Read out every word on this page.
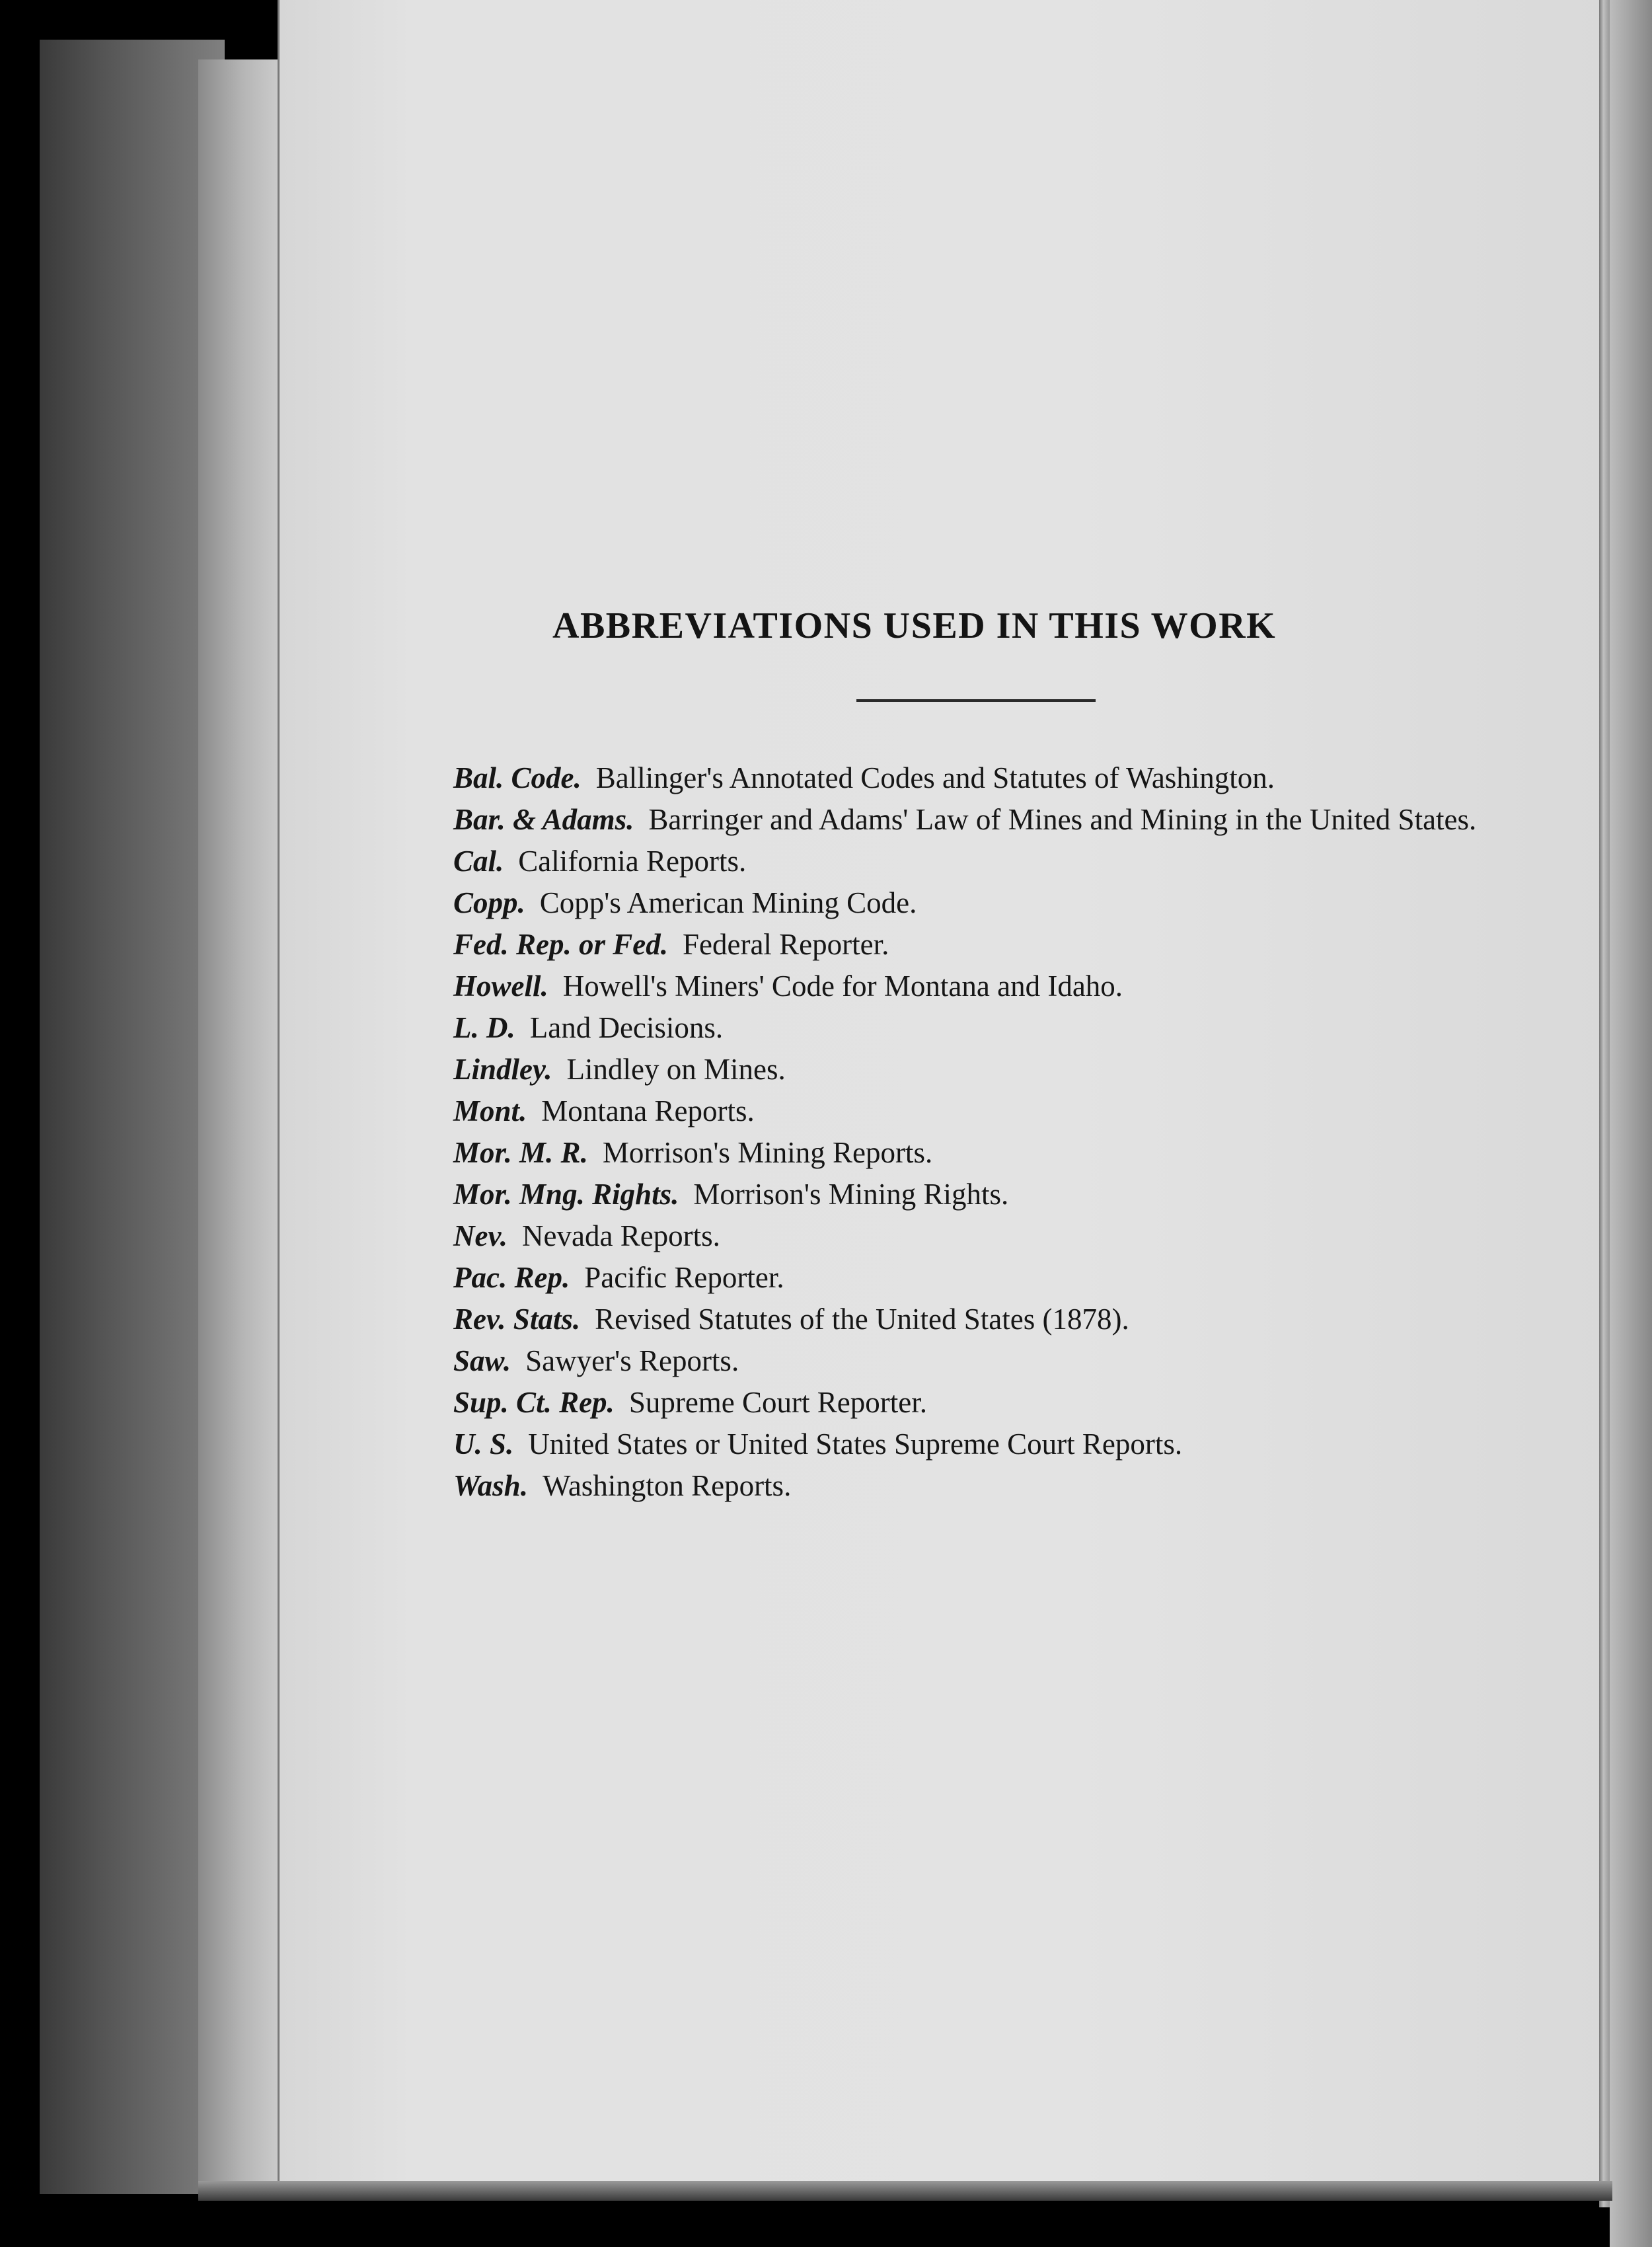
ABBREVIATIONS USED IN THIS WORK
Bal. Code. Ballinger's Annotated Codes and Statutes of Washington.
Bar. & Adams. Barringer and Adams' Law of Mines and Mining in the United States.
Cal. California Reports.
Copp. Copp's American Mining Code.
Fed. Rep. or Fed. Federal Reporter.
Howell. Howell's Miners' Code for Montana and Idaho.
L. D. Land Decisions.
Lindley. Lindley on Mines.
Mont. Montana Reports.
Mor. M. R. Morrison's Mining Reports.
Mor. Mng. Rights. Morrison's Mining Rights.
Nev. Nevada Reports.
Pac. Rep. Pacific Reporter.
Rev. Stats. Revised Statutes of the United States (1878).
Saw. Sawyer's Reports.
Sup. Ct. Rep. Supreme Court Reporter.
U. S. United States or United States Supreme Court Reports.
Wash. Washington Reports.
